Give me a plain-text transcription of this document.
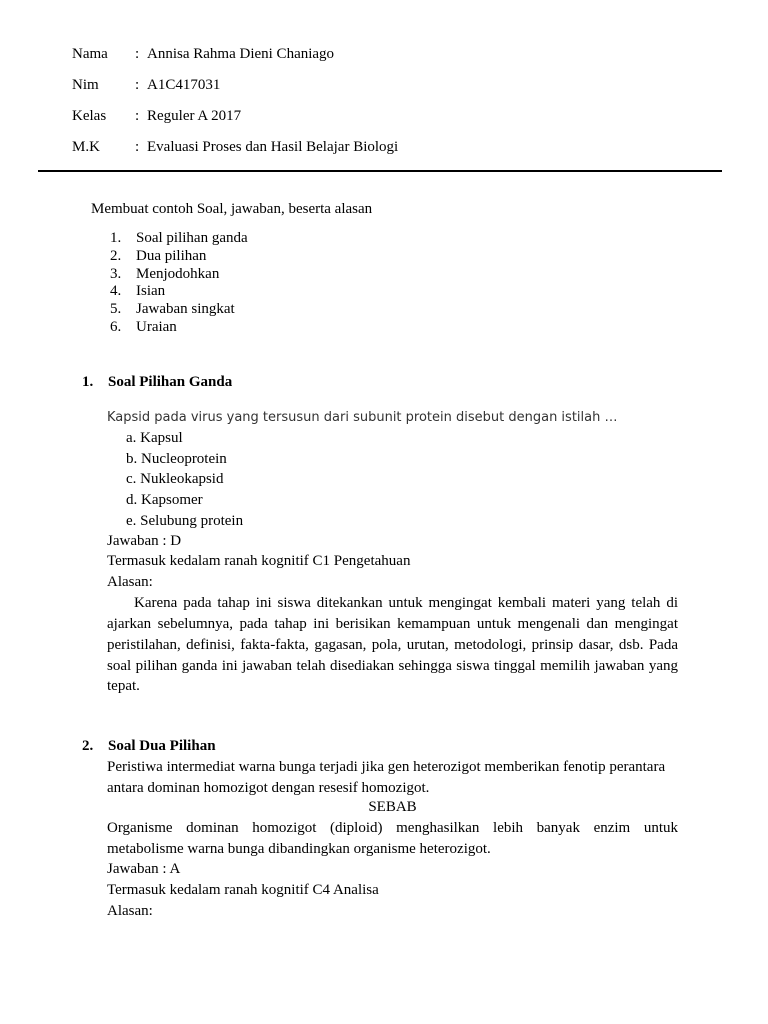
Nama : Annisa Rahma Dieni Chaniago
Nim : A1C417031
Kelas : Reguler A 2017
M.K : Evaluasi Proses dan Hasil Belajar Biologi
Membuat contoh Soal, jawaban, beserta alasan
1. Soal pilihan ganda
2. Dua pilihan
3. Menjodohkan
4. Isian
5. Jawaban singkat
6. Uraian
1. Soal Pilihan Ganda
Kapsid pada virus yang tersusun dari subunit protein disebut dengan istilah …
a. Kapsul
b. Nucleoprotein
c. Nukleokapsid
d. Kapsomer
e. Selubung protein
Jawaban : D
Termasuk kedalam ranah kognitif C1 Pengetahuan
Alasan:
Karena pada tahap ini siswa ditekankan untuk mengingat kembali materi yang telah di
ajarkan sebelumnya, pada tahap ini berisikan kemampuan untuk mengenali dan mengingat
peristilahan, definisi, fakta-fakta, gagasan, pola, urutan, metodologi, prinsip dasar, dsb. Pada
soal pilihan ganda ini jawaban telah disediakan sehingga siswa tinggal memilih jawaban yang
tepat.
2. Soal Dua Pilihan
Peristiwa intermediat warna bunga terjadi jika gen heterozigot memberikan fenotip perantara
antara dominan homozigot dengan resesif homozigot.
SEBAB
Organisme dominan homozigot (diploid) menghasilkan lebih banyak enzim untuk
metabolisme warna bunga dibandingkan organisme heterozigot.
Jawaban : A
Termasuk kedalam ranah kognitif C4 Analisa
Alasan:
